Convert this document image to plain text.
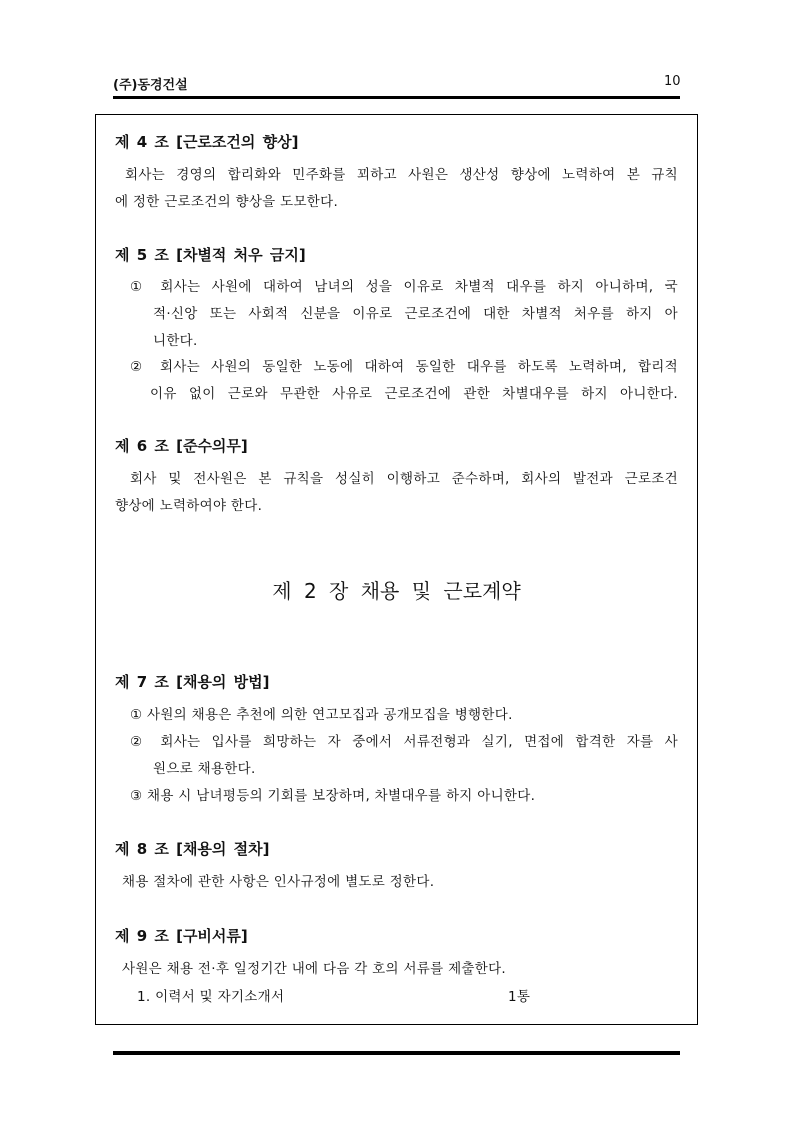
(주)동경건설	10
제 4 조 [근로조건의 향상]
회사는 경영의 합리화와 민주화를 꾀하고 사원은 생산성 향상에 노력하여 본 규칙
에 정한 근로조건의 향상을 도모한다.
제 5 조 [차별적 처우 금지]
① 회사는 사원에 대하여 남녀의 성을 이유로 차별적 대우를 하지 아니하며, 국
적·신앙 또는 사회적 신분을 이유로 근로조건에 대한 차별적 처우를 하지 아
니한다.
② 회사는 사원의 동일한 노동에 대하여 동일한 대우를 하도록 노력하며, 합리적
이유 없이 근로와 무관한 사유로 근로조건에 관한 차별대우를 하지 아니한다.
제 6 조 [준수의무]
회사 및 전사원은 본 규칙을 성실히 이행하고 준수하며, 회사의 발전과 근로조건
향상에 노력하여야 한다.
제 2 장 채용 및 근로계약
제 7 조 [채용의 방법]
① 사원의 채용은 추천에 의한 연고모집과 공개모집을 병행한다.
② 회사는 입사를 희망하는 자 중에서 서류전형과 실기, 면접에 합격한 자를 사
원으로 채용한다.
③ 채용 시 남녀평등의 기회를 보장하며, 차별대우를 하지 아니한다.
제 8 조 [채용의 절차]
채용 절차에 관한 사항은 인사규정에 별도로 정한다.
제 9 조 [구비서류]
사원은 채용 전·후 일정기간 내에 다음 각 호의 서류를 제출한다.
1. 이력서 및 자기소개서	1통
